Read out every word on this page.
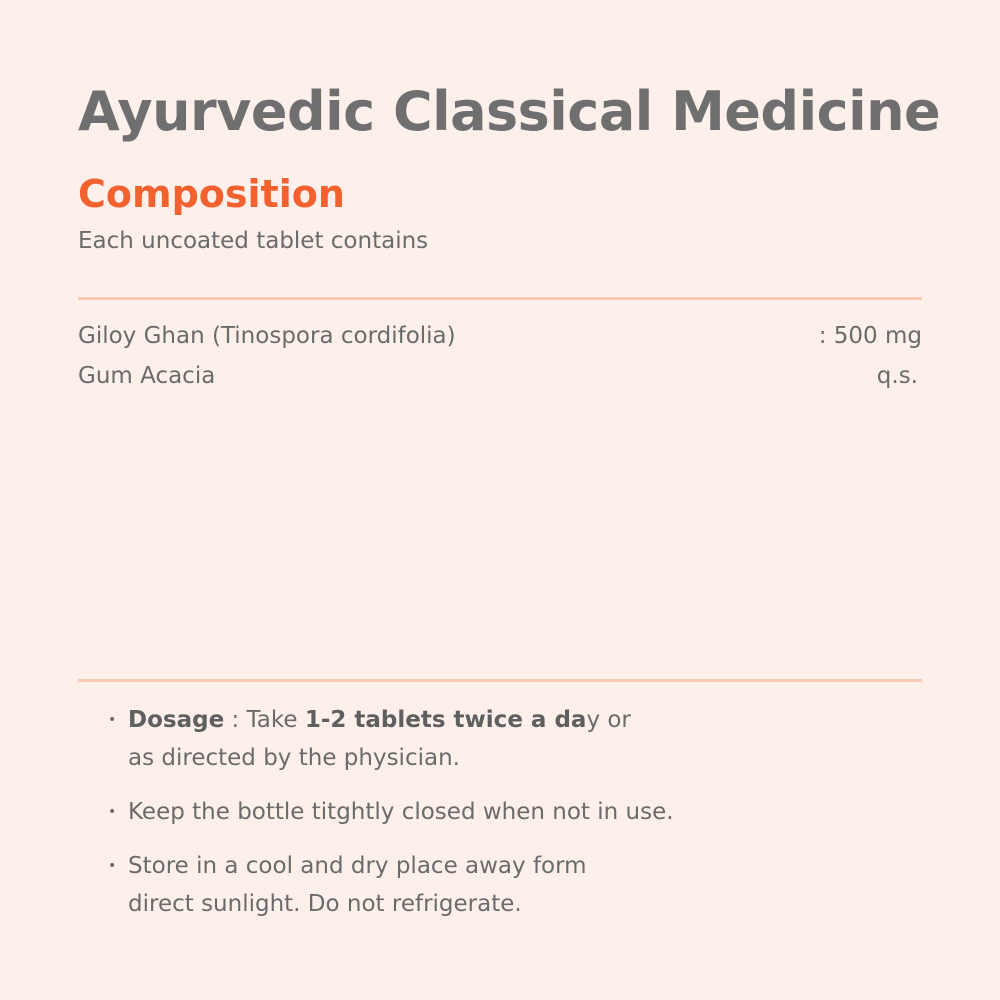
Ayurvedic Classical Medicine
Composition

Each uncoated tablet contains

Giloy Ghan (Tinospora cordifolia)	: 500 mg
Gum Acacia	q.s.
• Dosage : Take 1-2 tablets twice a day or
as directed by the physician.
• Keep the bottle titghtly closed when not in use.
• Store in a cool and dry place away form
direct sunlight. Do not refrigerate.
